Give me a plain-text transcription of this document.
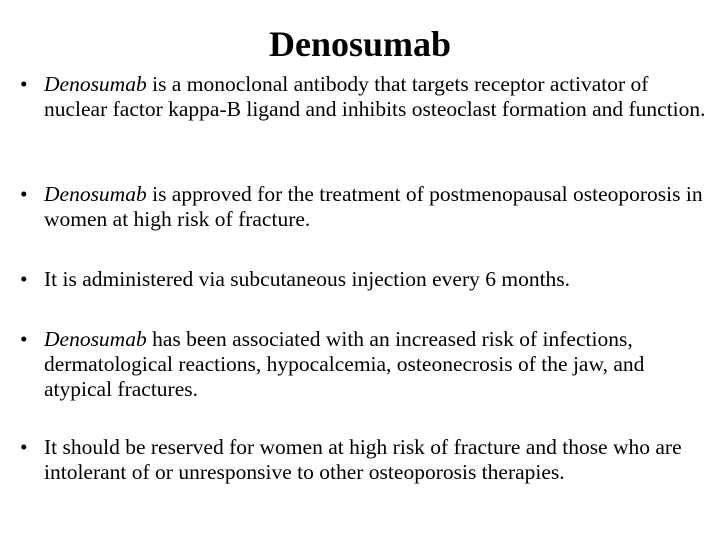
Denosumab
• Denosumab is a monoclonal antibody that targets receptor activator of nuclear factor kappa-B ligand and inhibits osteoclast formation and function.
• Denosumab is approved for the treatment of postmenopausal osteoporosis in women at high risk of fracture.
• It is administered via subcutaneous injection every 6 months.
• Denosumab has been associated with an increased risk of infections, dermatological reactions, hypocalcemia, osteonecrosis of the jaw, and atypical fractures.
• It should be reserved for women at high risk of fracture and those who are intolerant of or unresponsive to other osteoporosis therapies.
